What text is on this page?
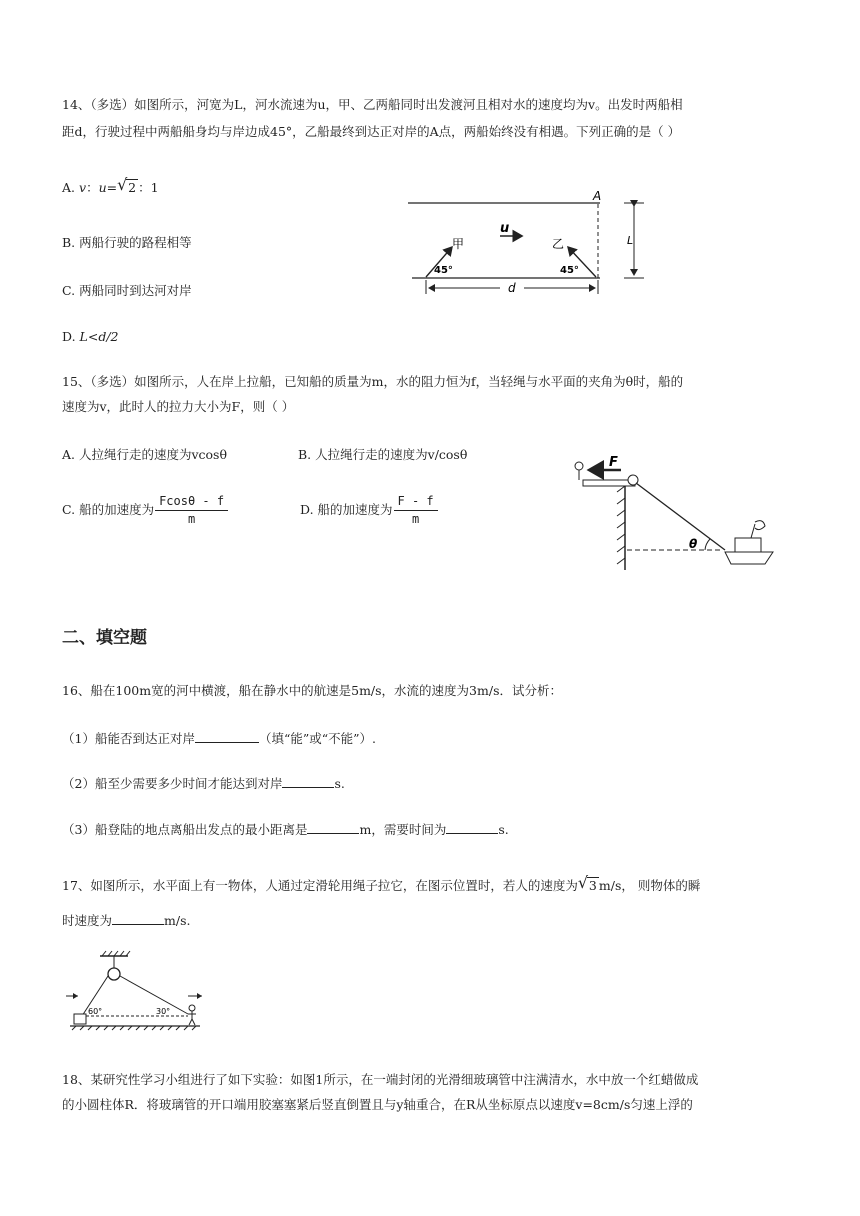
14、（多选）如图所示，河宽为L，河水流速为u，甲、乙两船同时出发渡河且相对水的速度均为v。出发时两船相
距d，行驶过程中两船船身均与岸边成45°，乙船最终到达正对岸的A点，两船始终没有相遇。下列正确的是（ ）
A. v：u= √ 2 ：1
B. 两船行驶的路程相等
C. 两船同时到达河对岸
D. L<d/2
A
L
甲
45°
u
乙
45°
d
15、（多选）如图所示，人在岸上拉船，已知船的质量为m，水的阻力恒为f，当轻绳与水平面的夹角为θ时，船的
速度为v，此时人的拉力大小为F，则（ ）
A. 人拉绳行走的速度为vcosθ	B. 人拉绳行走的速度为v/cosθ
C. 船的加速度为 $\frac{Fcos\theta - f}{m}$	D. 船的加速度为 $\frac{F - f}{m}$
F
θ
二、填空题
16、船在100m宽的河中横渡，船在静水中的航速是5m/s，水流的速度为3m/s．试分析：
（1）船能否到达正对岸	（填“能”或“不能”）.
（2）船至少需要多少时间才能达到对岸	s.
（3）船登陆的地点离船出发点的最小距离是	m，需要时间为	s.
17、如图所示，水平面上有一物体，人通过定滑轮用绳子拉它，在图示位置时，若人的速度为 √ 3 m/s， 则物体的瞬
时速度为	m/s.
60°	30°
18、某研究性学习小组进行了如下实验：如图1所示，在一端封闭的光滑细玻璃管中注满清水，水中放一个红蜡做成
的小圆柱体R．将玻璃管的开口端用胶塞塞紧后竖直倒置且与y轴重合，在R从坐标原点以速度v=8cm/s匀速上浮的
